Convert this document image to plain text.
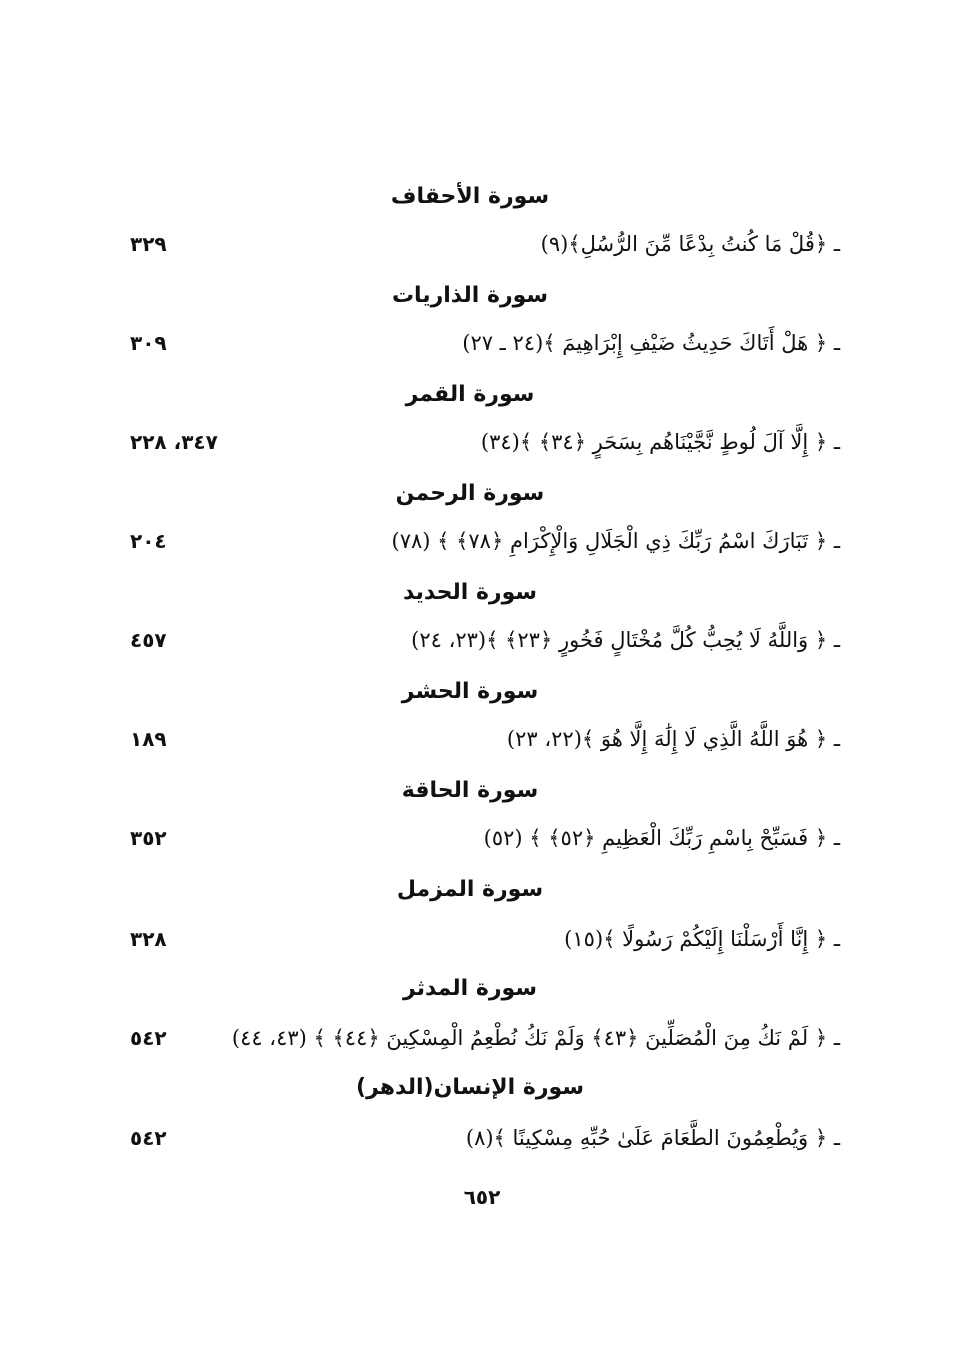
سورة الأحقاف
ـ ﴿قُلْ مَا كُنتُ بِدْعًا مِّنَ الرُّسُلِ﴾(٩)
٣٢٩
سورة الذاريات
ـ ﴿ هَلْ أَتَاكَ حَدِيثُ ضَيْفِ إِبْرَاهِيمَ ﴾(٢٤ ـ ٢٧)
٣٠٩
سورة القمر
ـ ﴿ إِلَّا آلَ لُوطٍ نَّجَّيْنَاهُم بِسَحَرٍ ﴿٣٤﴾ ﴾(٣٤)
٣٤٧، ٢٢٨
سورة الرحمن
ـ ﴿ تَبَارَكَ اسْمُ رَبِّكَ ذِي الْجَلَالِ وَالْإِكْرَامِ ﴿٧٨﴾ ﴾ (٧٨)
٢٠٤
سورة الحديد
ـ ﴿ وَاللَّهُ لَا يُحِبُّ كُلَّ مُخْتَالٍ فَخُورٍ ﴿٢٣﴾ ﴾(٢٣، ٢٤)
٤٥٧
سورة الحشر
ـ ﴿ هُوَ اللَّهُ الَّذِي لَا إِلَٰهَ إِلَّا هُوَ ﴾(٢٢، ٢٣)
١٨٩
سورة الحاقة
ـ ﴿ فَسَبِّحْ بِاسْمِ رَبِّكَ الْعَظِيمِ ﴿٥٢﴾ ﴾ (٥٢)
٣٥٢
سورة المزمل
ـ ﴿ إِنَّا أَرْسَلْنَا إِلَيْكُمْ رَسُولًا ﴾(١٥)
٣٢٨
سورة المدثر
ـ ﴿ لَمْ نَكُ مِنَ الْمُصَلِّينَ ﴿٤٣﴾ وَلَمْ نَكُ نُطْعِمُ الْمِسْكِينَ ﴿٤٤﴾ ﴾ (٤٣، ٤٤)
٥٤٢
سورة الإنسان(الدهر)
ـ ﴿ وَيُطْعِمُونَ الطَّعَامَ عَلَىٰ حُبِّهِ مِسْكِينًا ﴾(٨)
٥٤٢
٦٥٢
